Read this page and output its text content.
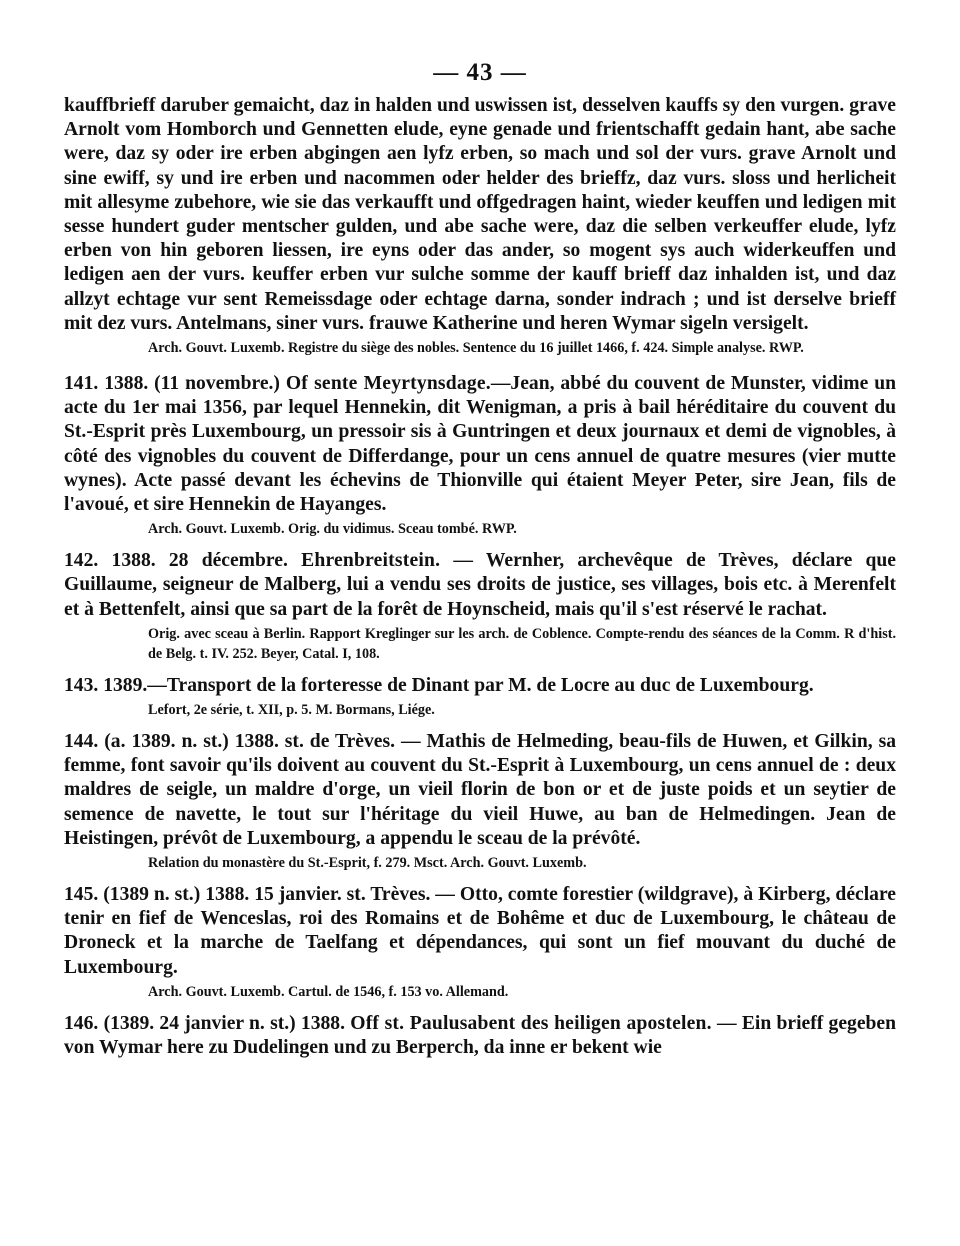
— 43 —

kauffbrieff daruber gemaicht, daz in halden und uswissen ist, desselven kauffs sy den vurgen. grave Arnolt vom Homborch und Gennetten elude, eyne genade und frientschafft gedain hant, abe sache were, daz sy oder ire erben abgingen aen lyfz erben, so mach und sol der vurs. grave Arnolt und sine ewiff, sy und ire erben und nacommen oder helder des brieffz, daz vurs. sloss und herlicheit mit allesyme zubehore, wie sie das verkaufft und offgedragen haint, wieder keuffen und ledigen mit sesse hundert guder mentscher gulden, und abe sache were, daz die selben verkeuffer elude, lyfz erben von hin geboren liessen, ire eyns oder das ander, so mogent sys auch widerkeuffen und ledigen aen der vurs. keuffer erben vur sulche somme der kauff brieff daz inhalden ist, und daz allzyt echtage vur sent Remeissdage oder echtage darna, sonder indrach ; und ist derselve brieff mit dez vurs. Antelmans, siner vurs. frauwe Katherine und heren Wymar sigeln versigelt.

Arch. Gouvt. Luxemb. Registre du siège des nobles. Sentence du 16 juillet 1466, f. 424. Simple analyse. RWP.

141. 1388. (11 novembre.) Of sente Meyrtynsdage.—Jean, abbé du couvent de Munster, vidime un acte du 1er mai 1356, par lequel Hennekin, dit Wenigman, a pris à bail héréditaire du couvent du St.-Esprit près Luxembourg, un pressoir sis à Guntringen et deux journaux et demi de vignobles, à côté des vignobles du couvent de Differdange, pour un cens annuel de quatre mesures (vier mutte wynes). Acte passé devant les échevins de Thionville qui étaient Meyer Peter, sire Jean, fils de l'avoué, et sire Hennekin de Hayanges.

Arch. Gouvt. Luxemb. Orig. du vidimus. Sceau tombé. RWP.

142. 1388. 28 décembre. Ehrenbreitstein. — Wernher, archevêque de Trèves, déclare que Guillaume, seigneur de Malberg, lui a vendu ses droits de justice, ses villages, bois etc. à Merenfelt et à Bettenfelt, ainsi que sa part de la forêt de Hoynscheid, mais qu'il s'est réservé le rachat.

Orig. avec sceau à Berlin. Rapport Kreglinger sur les arch. de Coblence. Compte-rendu des séances de la Comm. R d'hist. de Belg. t. IV. 252. Beyer, Catal. I, 108.

143. 1389.—Transport de la forteresse de Dinant par M. de Locre au duc de Luxembourg.

Lefort, 2e série, t. XII, p. 5. M. Bormans, Liége.

144. (a. 1389. n. st.) 1388. st. de Trèves. — Mathis de Helmeding, beau-fils de Huwen, et Gilkin, sa femme, font savoir qu'ils doivent au couvent du St.-Esprit à Luxembourg, un cens annuel de : deux maldres de seigle, un maldre d'orge, un vieil florin de bon or et de juste poids et un seytier de semence de navette, le tout sur l'héritage du vieil Huwe, au ban de Helmedingen. Jean de Heistingen, prévôt de Luxembourg, a appendu le sceau de la prévôté.

Relation du monastère du St.-Esprit, f. 279. Msct. Arch. Gouvt. Luxemb.

145. (1389 n. st.) 1388. 15 janvier. st. Trèves. — Otto, comte forestier (wildgrave), à Kirberg, déclare tenir en fief de Wenceslas, roi des Romains et de Bohême et duc de Luxembourg, le château de Droneck et la marche de Taelfang et dépendances, qui sont un fief mouvant du duché de Luxembourg.

Arch. Gouvt. Luxemb. Cartul. de 1546, f. 153 vo. Allemand.

146. (1389. 24 janvier n. st.) 1388. Off st. Paulusabent des heiligen apostelen. — Ein brieff gegeben von Wymar here zu Dudelingen und zu Berperch, da inne er bekent wie
